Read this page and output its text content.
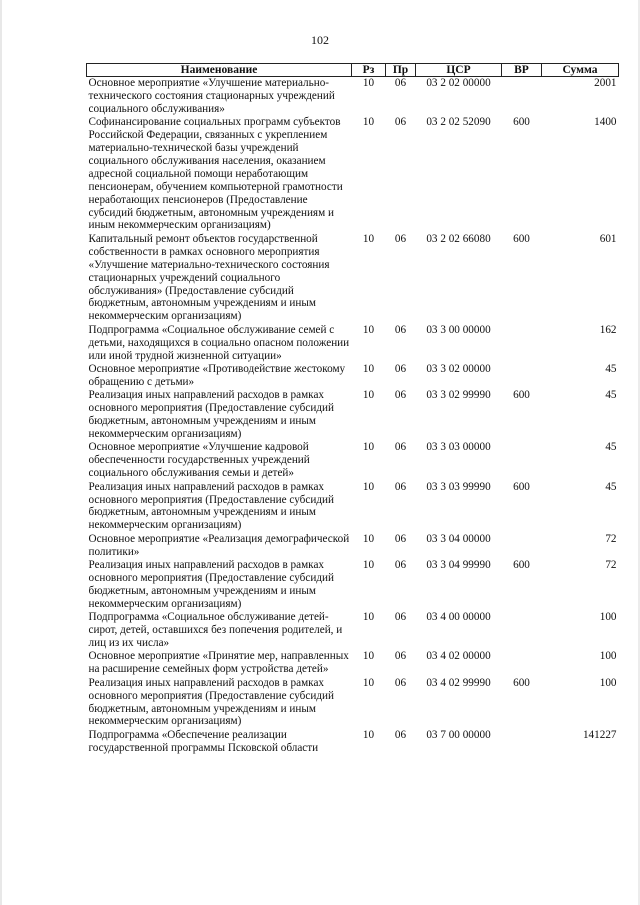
102
Наименование	Рз	Пр	ЦСР	ВР	Сумма
Основное мероприятие «Улучшение материально-технического состояния стационарных учреждений социального обслуживания»	10	06	03 2 02 00000		2001
Софинансирование социальных программ субъектов Российской Федерации, связанных с укреплением материально-технической базы учреждений социального обслуживания населения, оказанием адресной социальной помощи неработающим пенсионерам, обучением компьютерной грамотности неработающих пенсионеров (Предоставление субсидий бюджетным, автономным учреждениям и иным некоммерческим организациям)	10	06	03 2 02 52090	600	1400
Капитальный ремонт объектов государственной собственности в рамках основного мероприятия «Улучшение материально-технического состояния стационарных учреждений социального обслуживания» (Предоставление субсидий бюджетным, автономным учреждениям и иным некоммерческим организациям)	10	06	03 2 02 66080	600	601
Подпрограмма «Социальное обслуживание семей с детьми, находящихся в социально опасном положении или иной трудной жизненной ситуации»	10	06	03 3 00 00000		162
Основное мероприятие «Противодействие жестокому обращению с детьми»	10	06	03 3 02 00000		45
Реализация иных направлений расходов в рамках основного мероприятия (Предоставление субсидий бюджетным, автономным учреждениям и иным некоммерческим организациям)	10	06	03 3 02 99990	600	45
Основное мероприятие «Улучшение кадровой обеспеченности государственных учреждений социального обслуживания семьи и детей»	10	06	03 3 03 00000		45
Реализация иных направлений расходов в рамках основного мероприятия (Предоставление субсидий бюджетным, автономным учреждениям и иным некоммерческим организациям)	10	06	03 3 03 99990	600	45
Основное мероприятие «Реализация демографической политики»	10	06	03 3 04 00000		72
Реализация иных направлений расходов в рамках основного мероприятия (Предоставление субсидий бюджетным, автономным учреждениям и иным некоммерческим организациям)	10	06	03 3 04 99990	600	72
Подпрограмма «Социальное обслуживание детей-сирот, детей, оставшихся без попечения родителей, и лиц из их числа»	10	06	03 4 00 00000		100
Основное мероприятие «Принятие мер, направленных на расширение семейных форм устройства детей»	10	06	03 4 02 00000		100
Реализация иных направлений расходов в рамках основного мероприятия (Предоставление субсидий бюджетным, автономным учреждениям и иным некоммерческим организациям)	10	06	03 4 02 99990	600	100
Подпрограмма «Обеспечение реализации государственной программы Псковской области	10	06	03 7 00 00000		141227
